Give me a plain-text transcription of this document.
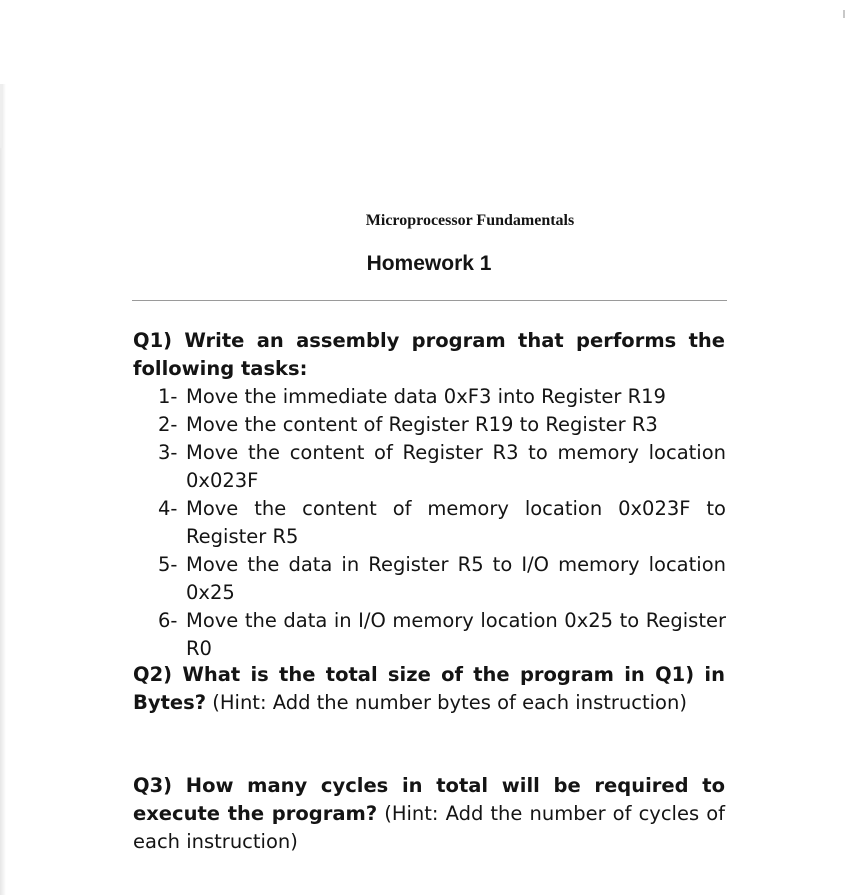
Microprocessor Fundamentals
Homework 1
Q1) Write an assembly program that performs the following tasks:
1- Move the immediate data 0xF3 into Register R19
2- Move the content of Register R19 to Register R3
3- Move the content of Register R3 to memory location 0x023F
4- Move the content of memory location 0x023F to Register R5
5- Move the data in Register R5 to I/O memory location 0x25
6- Move the data in I/O memory location 0x25 to Register R0
Q2) What is the total size of the program in Q1) in Bytes? (Hint: Add the number bytes of each instruction)
Q3) How many cycles in total will be required to execute the program? (Hint: Add the number of cycles of each instruction)
